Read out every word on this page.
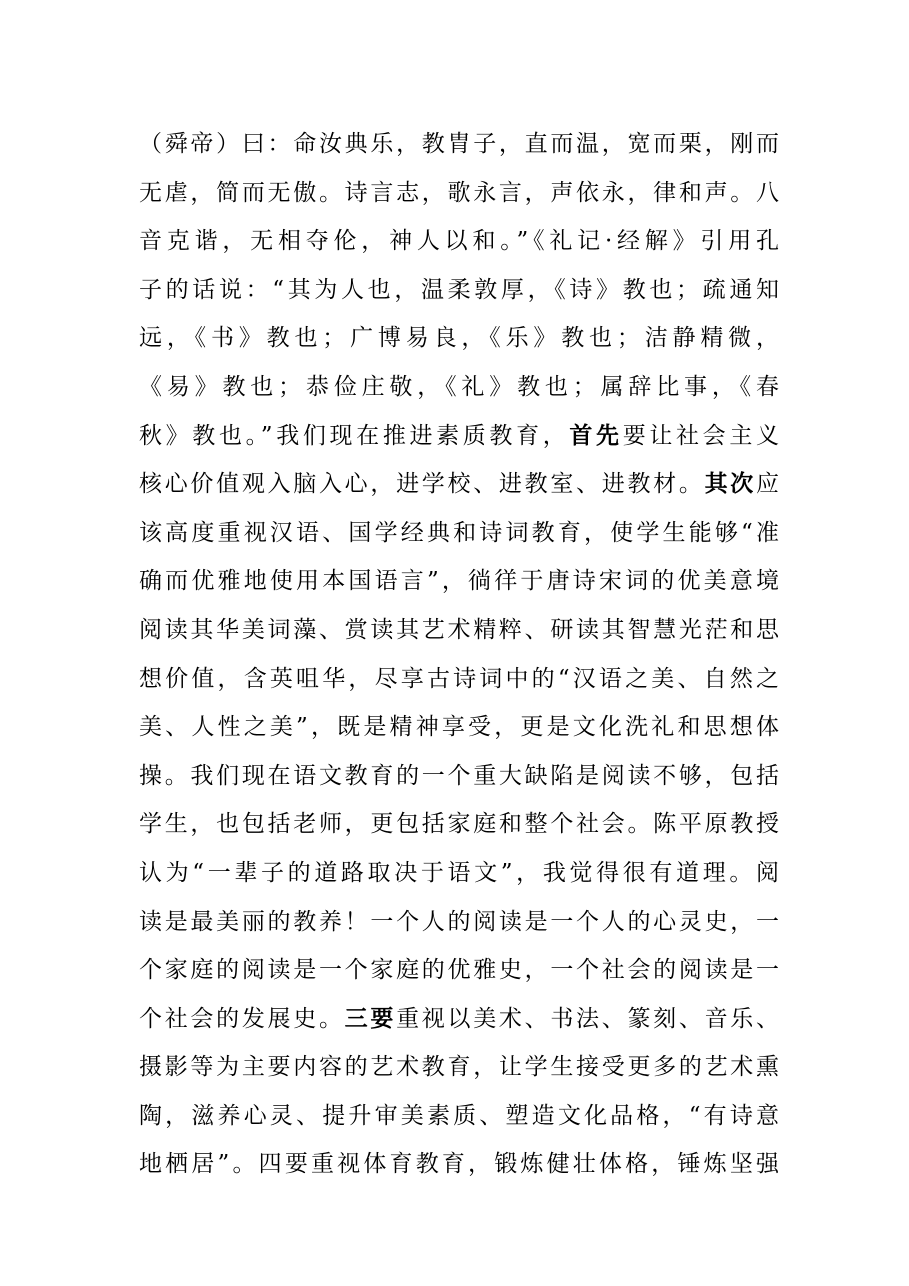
（舜帝）曰：命汝典乐，教胄子，直而温，宽而栗，刚而
无虐，简而无傲。诗言志，歌永言，声依永，律和声。八
音克谐，无相夺伦，神人以和。”《礼记·经解》引用孔
子的话说：“其为人也，温柔敦厚，《诗》教也；疏通知
远，《书》教也；广博易良，《乐》教也；洁静精微，
《易》教也；恭俭庄敬，《礼》教也；属辞比事，《春
秋》教也。”我们现在推进素质教育，首先要让社会主义
核心价值观入脑入心，进学校、进教室、进教材。其次应
该高度重视汉语、国学经典和诗词教育，使学生能够“准
确而优雅地使用本国语言”，徜徉于唐诗宋词的优美意境
阅读其华美词藻、赏读其艺术精粹、研读其智慧光茫和思
想价值，含英咀华，尽享古诗词中的“汉语之美、自然之
美、人性之美”，既是精神享受，更是文化洗礼和思想体
操。我们现在语文教育的一个重大缺陷是阅读不够，包括
学生，也包括老师，更包括家庭和整个社会。陈平原教授
认为“一辈子的道路取决于语文”，我觉得很有道理。阅
读是最美丽的教养！一个人的阅读是一个人的心灵史，一
个家庭的阅读是一个家庭的优雅史，一个社会的阅读是一
个社会的发展史。三要重视以美术、书法、篆刻、音乐、
摄影等为主要内容的艺术教育，让学生接受更多的艺术熏
陶，滋养心灵、提升审美素质、塑造文化品格，“有诗意
地栖居”。四要重视体育教育，锻炼健壮体格，锤炼坚强
